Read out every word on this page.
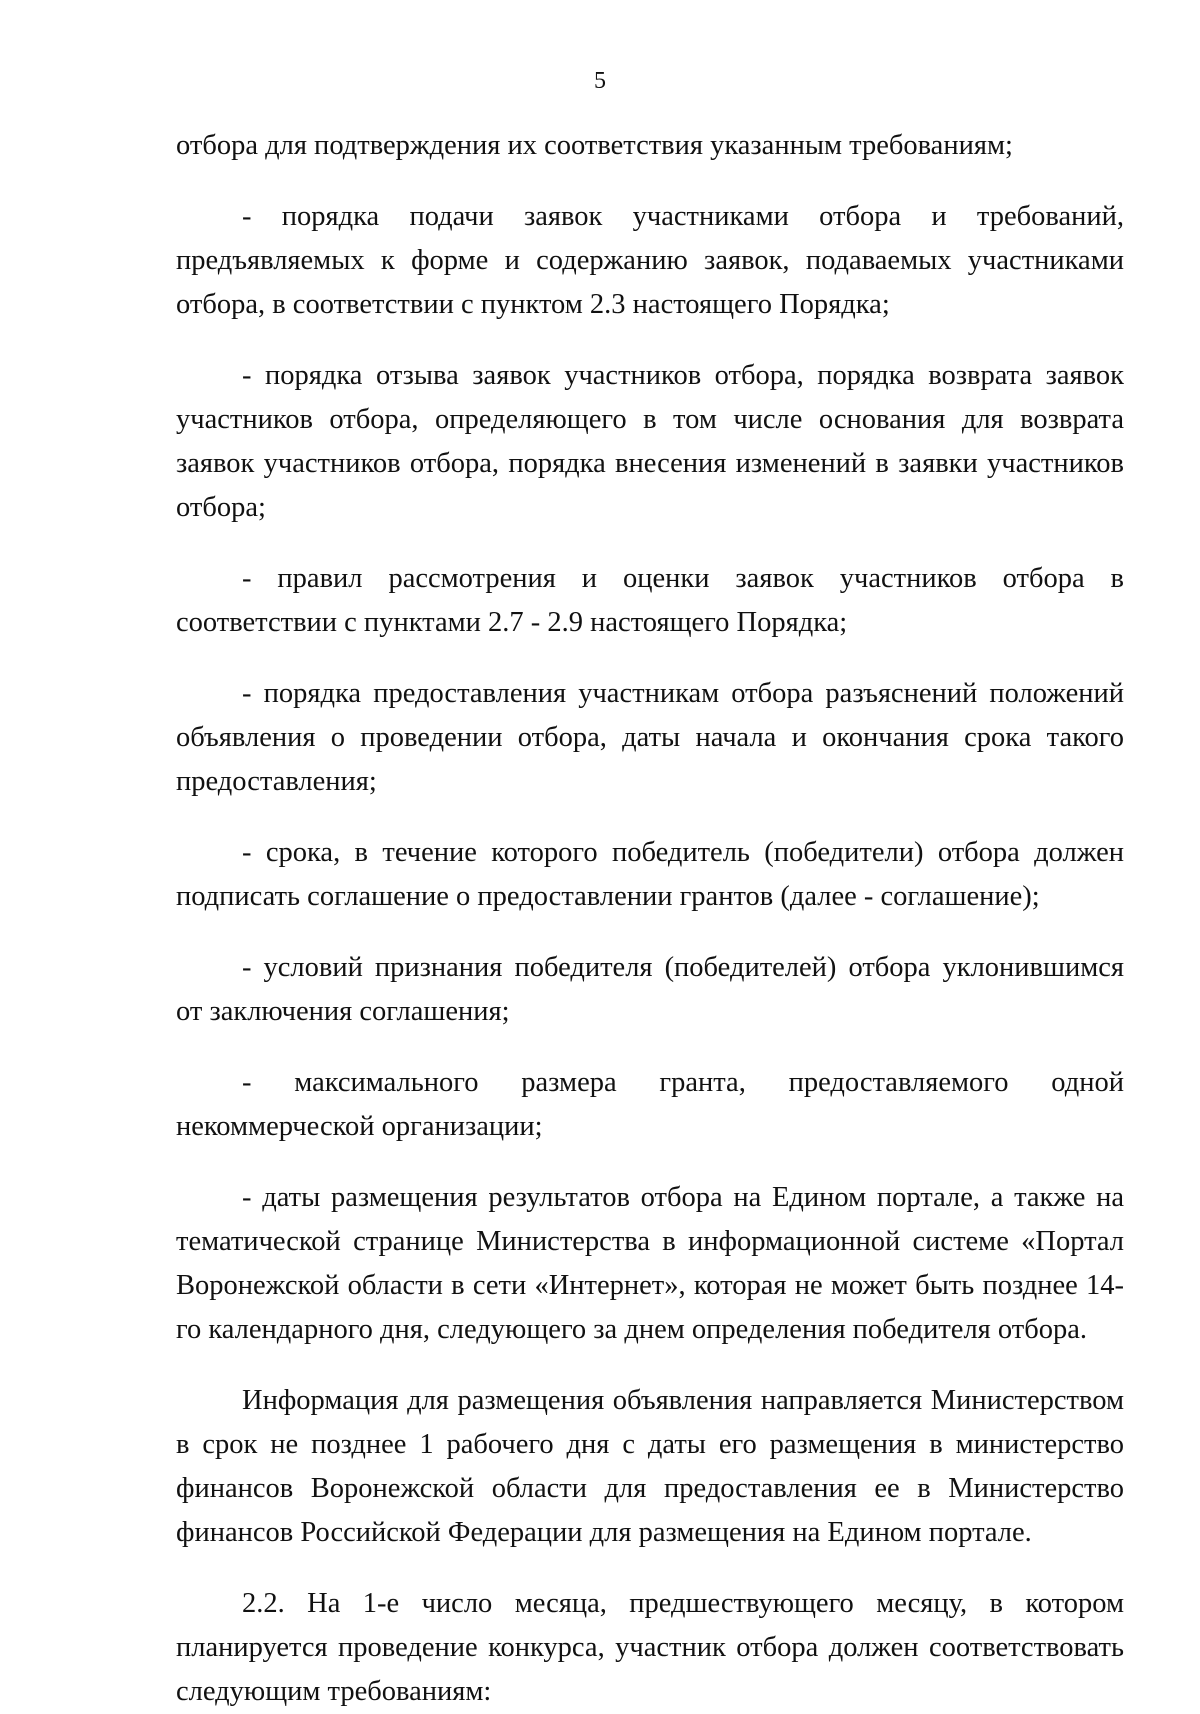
5

отбора для подтверждения их соответствия указанным требованиям;

- порядка подачи заявок участниками отбора и требований, предъявляемых к форме и содержанию заявок, подаваемых участниками отбора, в соответствии с пунктом 2.3 настоящего Порядка;

- порядка отзыва заявок участников отбора, порядка возврата заявок участников отбора, определяющего в том числе основания для возврата заявок участников отбора, порядка внесения изменений в заявки участников отбора;

- правил рассмотрения и оценки заявок участников отбора в соответствии с пунктами 2.7 - 2.9 настоящего Порядка;

- порядка предоставления участникам отбора разъяснений положений объявления о проведении отбора, даты начала и окончания срока такого предоставления;

- срока, в течение которого победитель (победители) отбора должен подписать соглашение о предоставлении грантов (далее - соглашение);

- условий признания победителя (победителей) отбора уклонившимся от заключения соглашения;

- максимального размера гранта, предоставляемого одной некоммерческой организации;

- даты размещения результатов отбора на Едином портале, а также на тематической странице Министерства в информационной системе «Портал Воронежской области в сети «Интернет», которая не может быть позднее 14-го календарного дня, следующего за днем определения победителя отбора.

Информация для размещения объявления направляется Министерством в срок не позднее 1 рабочего дня с даты его размещения в министерство финансов Воронежской области для предоставления ее в Министерство финансов Российской Федерации для размещения на Едином портале.

2.2. На 1-е число месяца, предшествующего месяцу, в котором планируется проведение конкурса, участник отбора должен соответствовать следующим требованиям:
